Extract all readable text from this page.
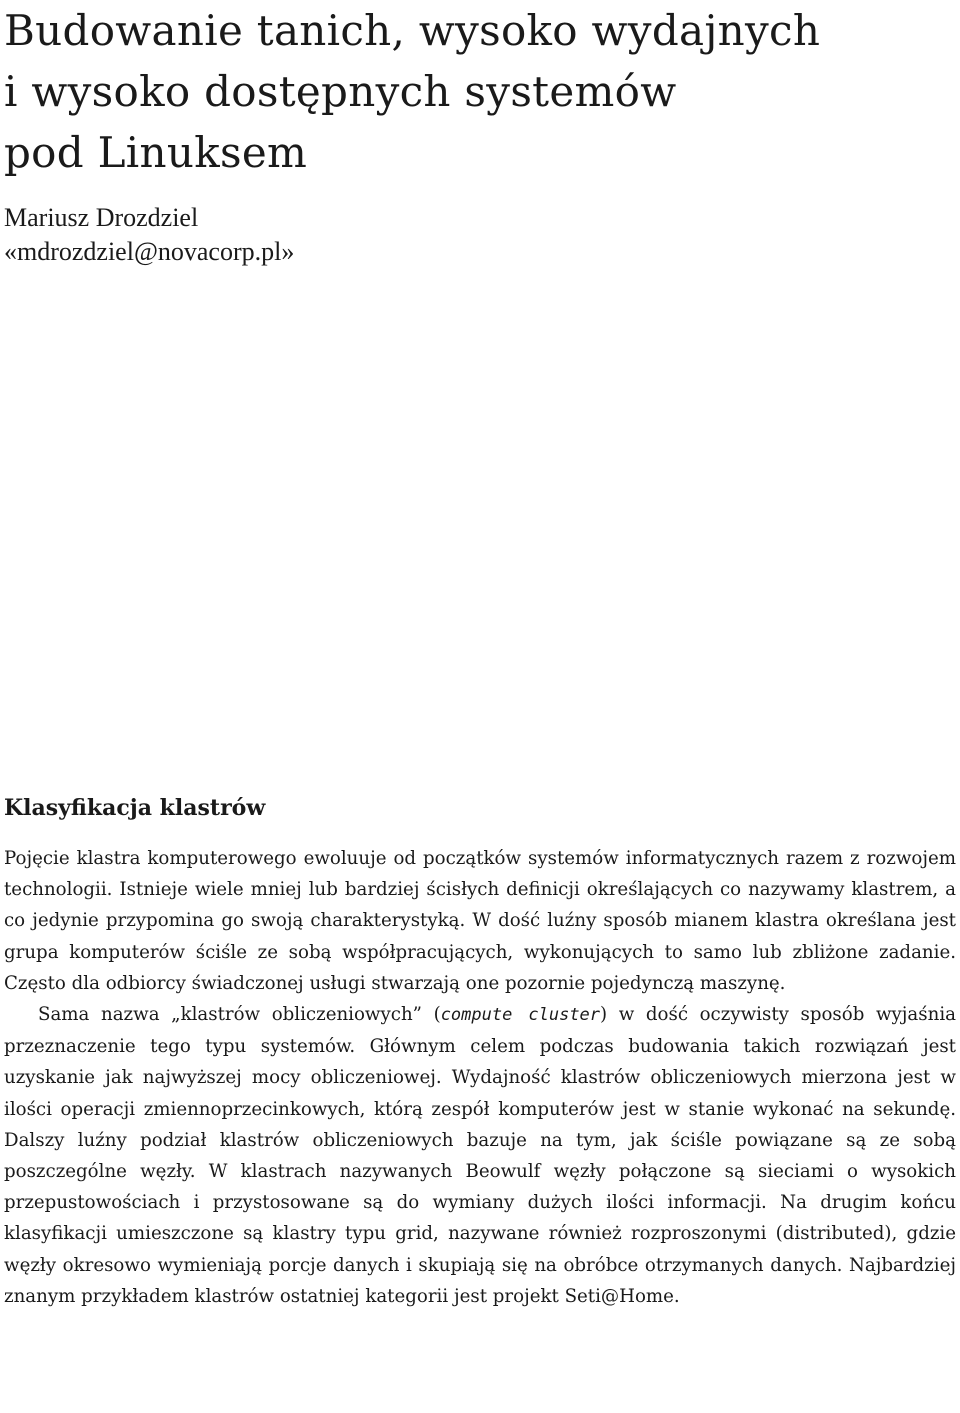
Budowanie tanich, wysoko wydajnych
i wysoko dostępnych systemów
pod Linuksem
Mariusz Drozdziel
«mdrozdziel@novacorp.pl»
Klasyfikacja klastrów

Pojęcie klastra komputerowego ewoluuje od początków systemów informatycznych razem z rozwojem technologii. Istnieje wiele mniej lub bardziej ścisłych definicji określających co nazywamy klastrem, a co jedynie przypomina go swoją charakterystyką. W dość luźny sposób mianem klastra określana jest grupa komputerów ściśle ze sobą współpracujących, wykonujących to samo lub zbliżone zadanie. Często dla odbiorcy świadczonej usługi stwarzają one pozornie pojedynczą maszynę.

Sama nazwa „klastrów obliczeniowych” (compute cluster) w dość oczywisty sposób wyjaśnia przeznaczenie tego typu systemów. Głównym celem podczas budowania takich rozwiązań jest uzyskanie jak najwyższej mocy obliczeniowej. Wydajność klastrów obliczeniowych mierzona jest w ilości operacji zmiennoprzecinkowych, którą zespół komputerów jest w stanie wykonać na sekundę. Dalszy luźny podział klastrów obliczeniowych bazuje na tym, jak ściśle powiązane są ze sobą poszczególne węzły. W klastrach nazywanych Beowulf węzły połączone są sieciami o wysokich przepustowościach i przystosowane są do wymiany dużych ilości informacji. Na drugim końcu klasyfikacji umieszczone są klastry typu grid, nazywane również rozproszonymi (distributed), gdzie węzły okresowo wymieniają porcje danych i skupiają się na obróbce otrzymanych danych. Najbardziej znanym przykładem klastrów ostatniej kategorii jest projekt Seti@Home.
